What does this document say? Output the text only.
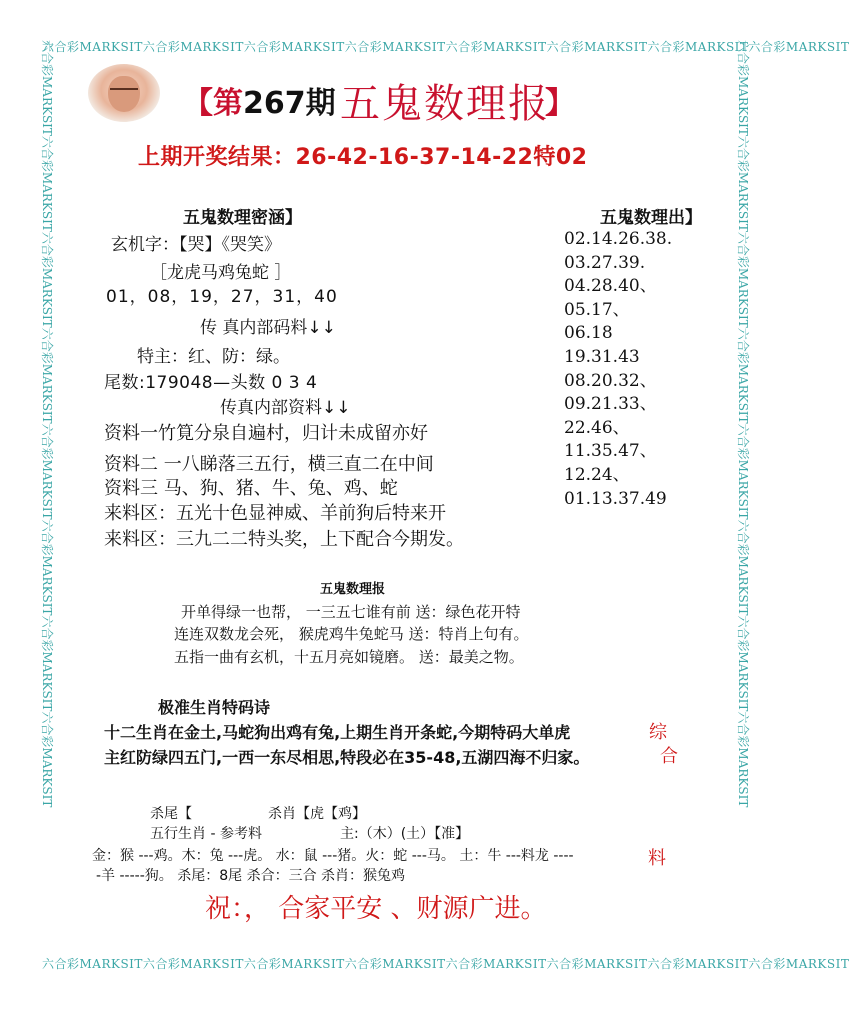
六合彩MARKSIT六合彩MARKSIT六合彩MARKSIT六合彩MARKSIT六合彩MARKSIT六合彩MARKSIT六合彩MARKSIT六合彩MARKSIT
六合彩MARKSIT六合彩MARKSIT六合彩MARKSIT六合彩MARKSIT六合彩MARKSIT六合彩MARKSIT六合彩MARKSIT六合彩MARKSIT
六合彩MARKSIT六合彩MARKSIT六合彩MARKSIT六合彩MARKSIT六合彩MARKSIT六合彩MARKSIT六合彩MARKSIT六合彩MARKSIT	六合彩MARKSIT六合彩MARKSIT六合彩MARKSIT六合彩MARKSIT六合彩MARKSIT六合彩MARKSIT六合彩MARKSIT六合彩MARKSIT
【第267期 五鬼数理报
】
上期开奖结果：26-42-16-37-14-22特02
五鬼数理密涵】
玄机字：【哭】《哭笑》
［龙虎马鸡兔蛇 ］
01，08，19，27，31，40
传 真内部码料↓↓
特主：红、防：绿。
尾数:179048—头数 0 3 4
传真内部资料↓↓
资料一竹筧分泉自遍村，归计未成留亦好
资料二 一八睇落三五行，横三直二在中间
资料三 马、狗、猪、牛、兔、鸡、蛇
来料区：五光十色显神威、羊前狗后特来开
来料区：三九二二特头奖，上下配合今期发。
五鬼数理出】
02.14.26.38.
03.27.39.
04.28.40、
05.17、
06.18
19.31.43
08.20.32、
09.21.33、
22.46、
11.35.47、
12.24、
01.13.37.49
五鬼数理报
开单得绿一也帮， 一三五七谁有前 送：绿色花开特
连连双数龙会死， 猴虎鸡牛兔蛇马 送：特肖上句有。
五指一曲有玄机，十五月亮如镜磨。 送：最美之物。
极准生肖特码诗
十二生肖在金土,马蛇狗出鸡有兔,上期生肖开条蛇,今期特码大单虎
主红防绿四五门,一西一东尽相思,特段必在35-48,五湖四海不归家。
综
合
料
杀尾【	杀肖【虎【鸡】
五行生肖 - 参考料	主:（木）(土）【准】
金：猴 ---鸡。木：兔 ---虎。 水：鼠 ---猪。火：蛇 ---马。 土：牛 ---料龙 ----
-羊 -----狗。 杀尾：8尾 杀合：三合 杀肖：猴兔鸡
祝：， 合家平安 、财源广进。
